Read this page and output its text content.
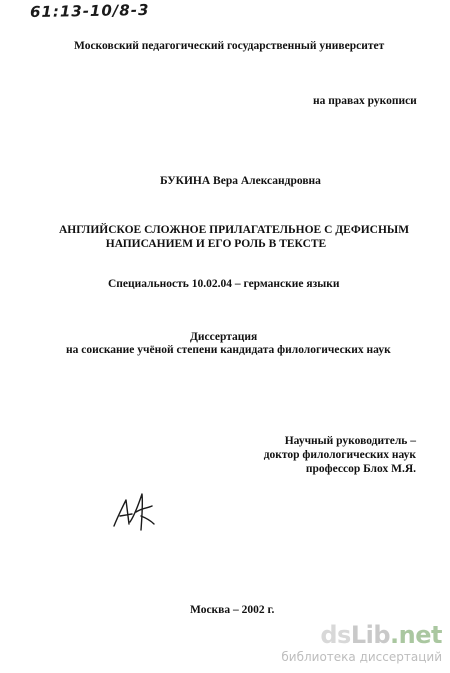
61:13-10/8-3
Московский педагогический государственный университет
на правах рукописи
БУКИНА Вера Александровна
АНГЛИЙСКОЕ СЛОЖНОЕ ПРИЛАГАТЕЛЬНОЕ С ДЕФИСНЫМ
НАПИСАНИЕМ И ЕГО РОЛЬ В ТЕКСТЕ
Специальность 10.02.04 – германские языки
Диссертация
на соискание учёной степени кандидата филологических наук
Научный руководитель –
доктор филологических наук
профессор Блох М.Я.
Москва – 2002 г.
dsLib.net
библиотека диссертаций
